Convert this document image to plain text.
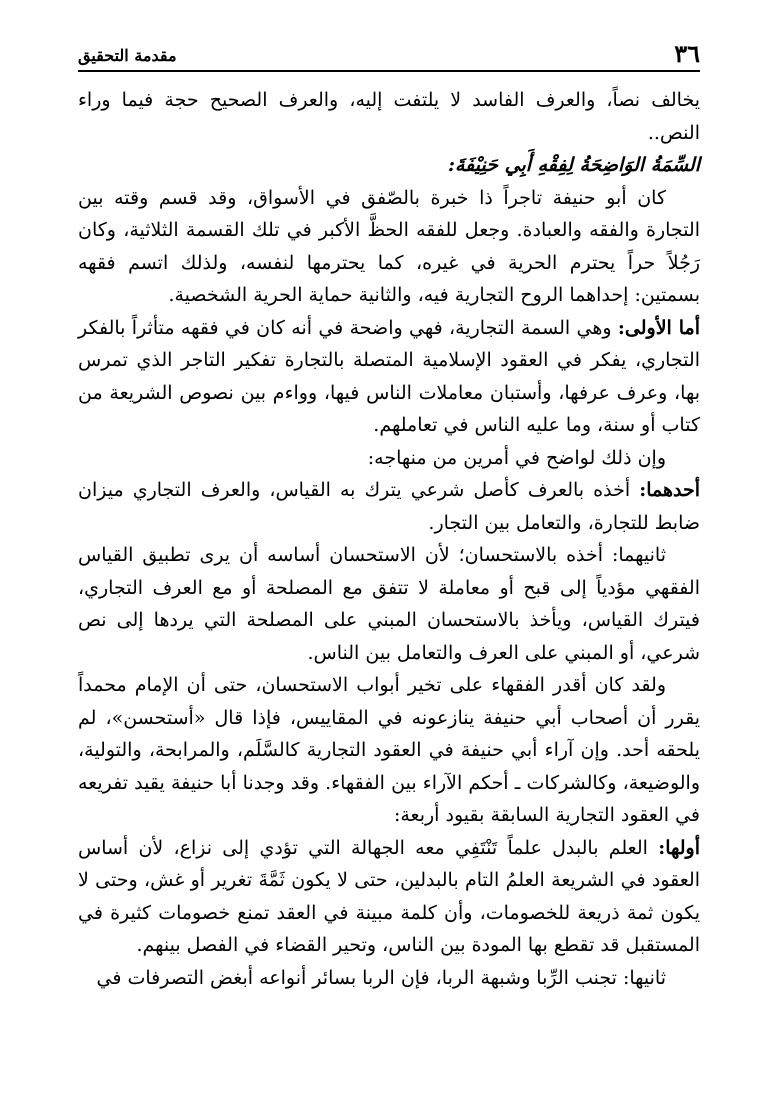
٣٦
مقدمة التحقيق

يخالف نصاً، والعرف الفاسد لا يلتفت إليه، والعرف الصحيح حجة فيما وراء النص..

السِّمَةُ الوَاضِحَةُ لِفِقْهِ أَبِي حَنِيْفَةَ:

كان أبو حنيفة تاجراً ذا خبرة بالصّفق في الأسواق، وقد قسم وقته بين التجارة والفقه والعبادة. وجعل للفقه الحظَّ الأكبر في تلك القسمة الثلاثية، وكان رَجُلاً حراً يحترم الحرية في غيره، كما يحترمها لنفسه، ولذلك اتسم فقهه بسمتين: إحداهما الروح التجارية فيه، والثانية حماية الحرية الشخصية.

أما الأولى: وهي السمة التجارية، فهي واضحة في أنه كان في فقهه متأثراً بالفكر التجاري، يفكر في العقود الإسلامية المتصلة بالتجارة تفكير التاجر الذي تمرس بها، وعرف عرفها، وأستبان معاملات الناس فيها، وواءم بين نصوص الشريعة من كتاب أو سنة، وما عليه الناس في تعاملهم.

وإن ذلك لواضح في أمرين من منهاجه:

أحدهما: أخذه بالعرف كأصل شرعي يترك به القياس، والعرف التجاري ميزان ضابط للتجارة، والتعامل بين التجار.

ثانيهما: أخذه بالاستحسان؛ لأن الاستحسان أساسه أن يرى تطبيق القياس الفقهي مؤدياً إلى قبح أو معاملة لا تتفق مع المصلحة أو مع العرف التجاري، فيترك القياس، ويأخذ بالاستحسان المبني على المصلحة التي يردها إلى نص شرعي، أو المبني على العرف والتعامل بين الناس.

ولقد كان أقدر الفقهاء على تخير أبواب الاستحسان، حتى أن الإمام محمداً يقرر أن أصحاب أبي حنيفة ينازعونه في المقاييس، فإذا قال «أستحسن»، لم يلحقه أحد. وإن آراء أبي حنيفة في العقود التجارية كالسَّلَم، والمرابحة، والتولية، والوضيعة، وكالشركات ـ أحكم الآراء بين الفقهاء. وقد وجدنا أبا حنيفة يقيد تفريعه في العقود التجارية السابقة بقيود أربعة:

أولها: العلم بالبدل علماً تَنْتَفِي معه الجهالة التي تؤدي إلى نزاع، لأن أساس العقود في الشريعة العلمُ التام بالبدلين، حتى لا يكون ثَمَّةَ تغرير أو غش، وحتى لا يكون ثمة ذريعة للخصومات، وأن كلمة مبينة في العقد تمنع خصومات كثيرة في المستقبل قد تقطع بها المودة بين الناس، وتحير القضاء في الفصل بينهم.

ثانيها: تجنب الرِّبا وشبهة الربا، فإن الربا بسائر أنواعه أبغض التصرفات في
